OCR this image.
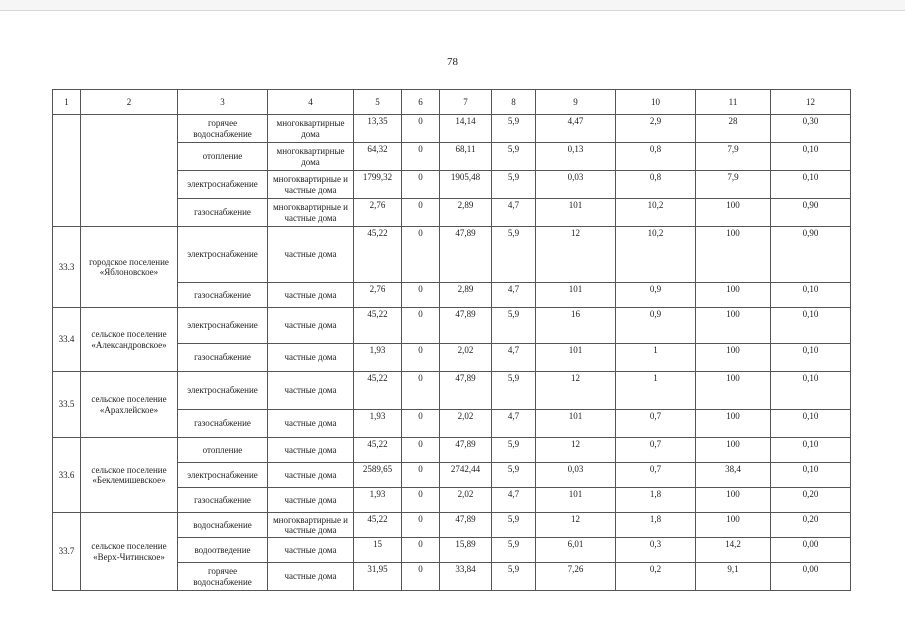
78
1	2	3	4	5	6	7	8	9	10	11	12
		горячее водоснабжение	многоквартирные дома	13,35	0	14,14	5,9	4,47	2,9	28	0,30
		отопление	многоквартирные дома	64,32	0	68,11	5,9	0,13	0,8	7,9	0,10
		электроснабжение	многоквартирные и частные дома	1799,32	0	1905,48	5,9	0,03	0,8	7,9	0,10
		газоснабжение	многоквартирные и частные дома	2,76	0	2,89	4,7	101	10,2	100	0,90
33.3	городское поселение «Яблоновское»	электроснабжение	частные дома	45,22	0	47,89	5,9	12	10,2	100	0,90
		газоснабжение	частные дома	2,76	0	2,89	4,7	101	0,9	100	0,10
33.4	сельское поселение «Александровское»	электроснабжение	частные дома	45,22	0	47,89	5,9	16	0,9	100	0,10
		газоснабжение	частные дома	1,93	0	2,02	4,7	101	1	100	0,10
33.5	сельское поселение «Арахлейское»	электроснабжение	частные дома	45,22	0	47,89	5,9	12	1	100	0,10
		газоснабжение	частные дома	1,93	0	2,02	4,7	101	0,7	100	0,10
33.6	сельское поселение «Беклемишевское»	отопление	частные дома	45,22	0	47,89	5,9	12	0,7	100	0,10
		электроснабжение	частные дома	2589,65	0	2742,44	5,9	0,03	0,7	38,4	0,10
		газоснабжение	частные дома	1,93	0	2,02	4,7	101	1,8	100	0,20
33.7	сельское поселение «Верх-Читинское»	водоснабжение	многоквартирные и частные дома	45,22	0	47,89	5,9	12	1,8	100	0,20
		водоотведение	частные дома	15	0	15,89	5,9	6,01	0,3	14,2	0,00
		горячее водоснабжение	частные дома	31,95	0	33,84	5,9	7,26	0,2	9,1	0,00
